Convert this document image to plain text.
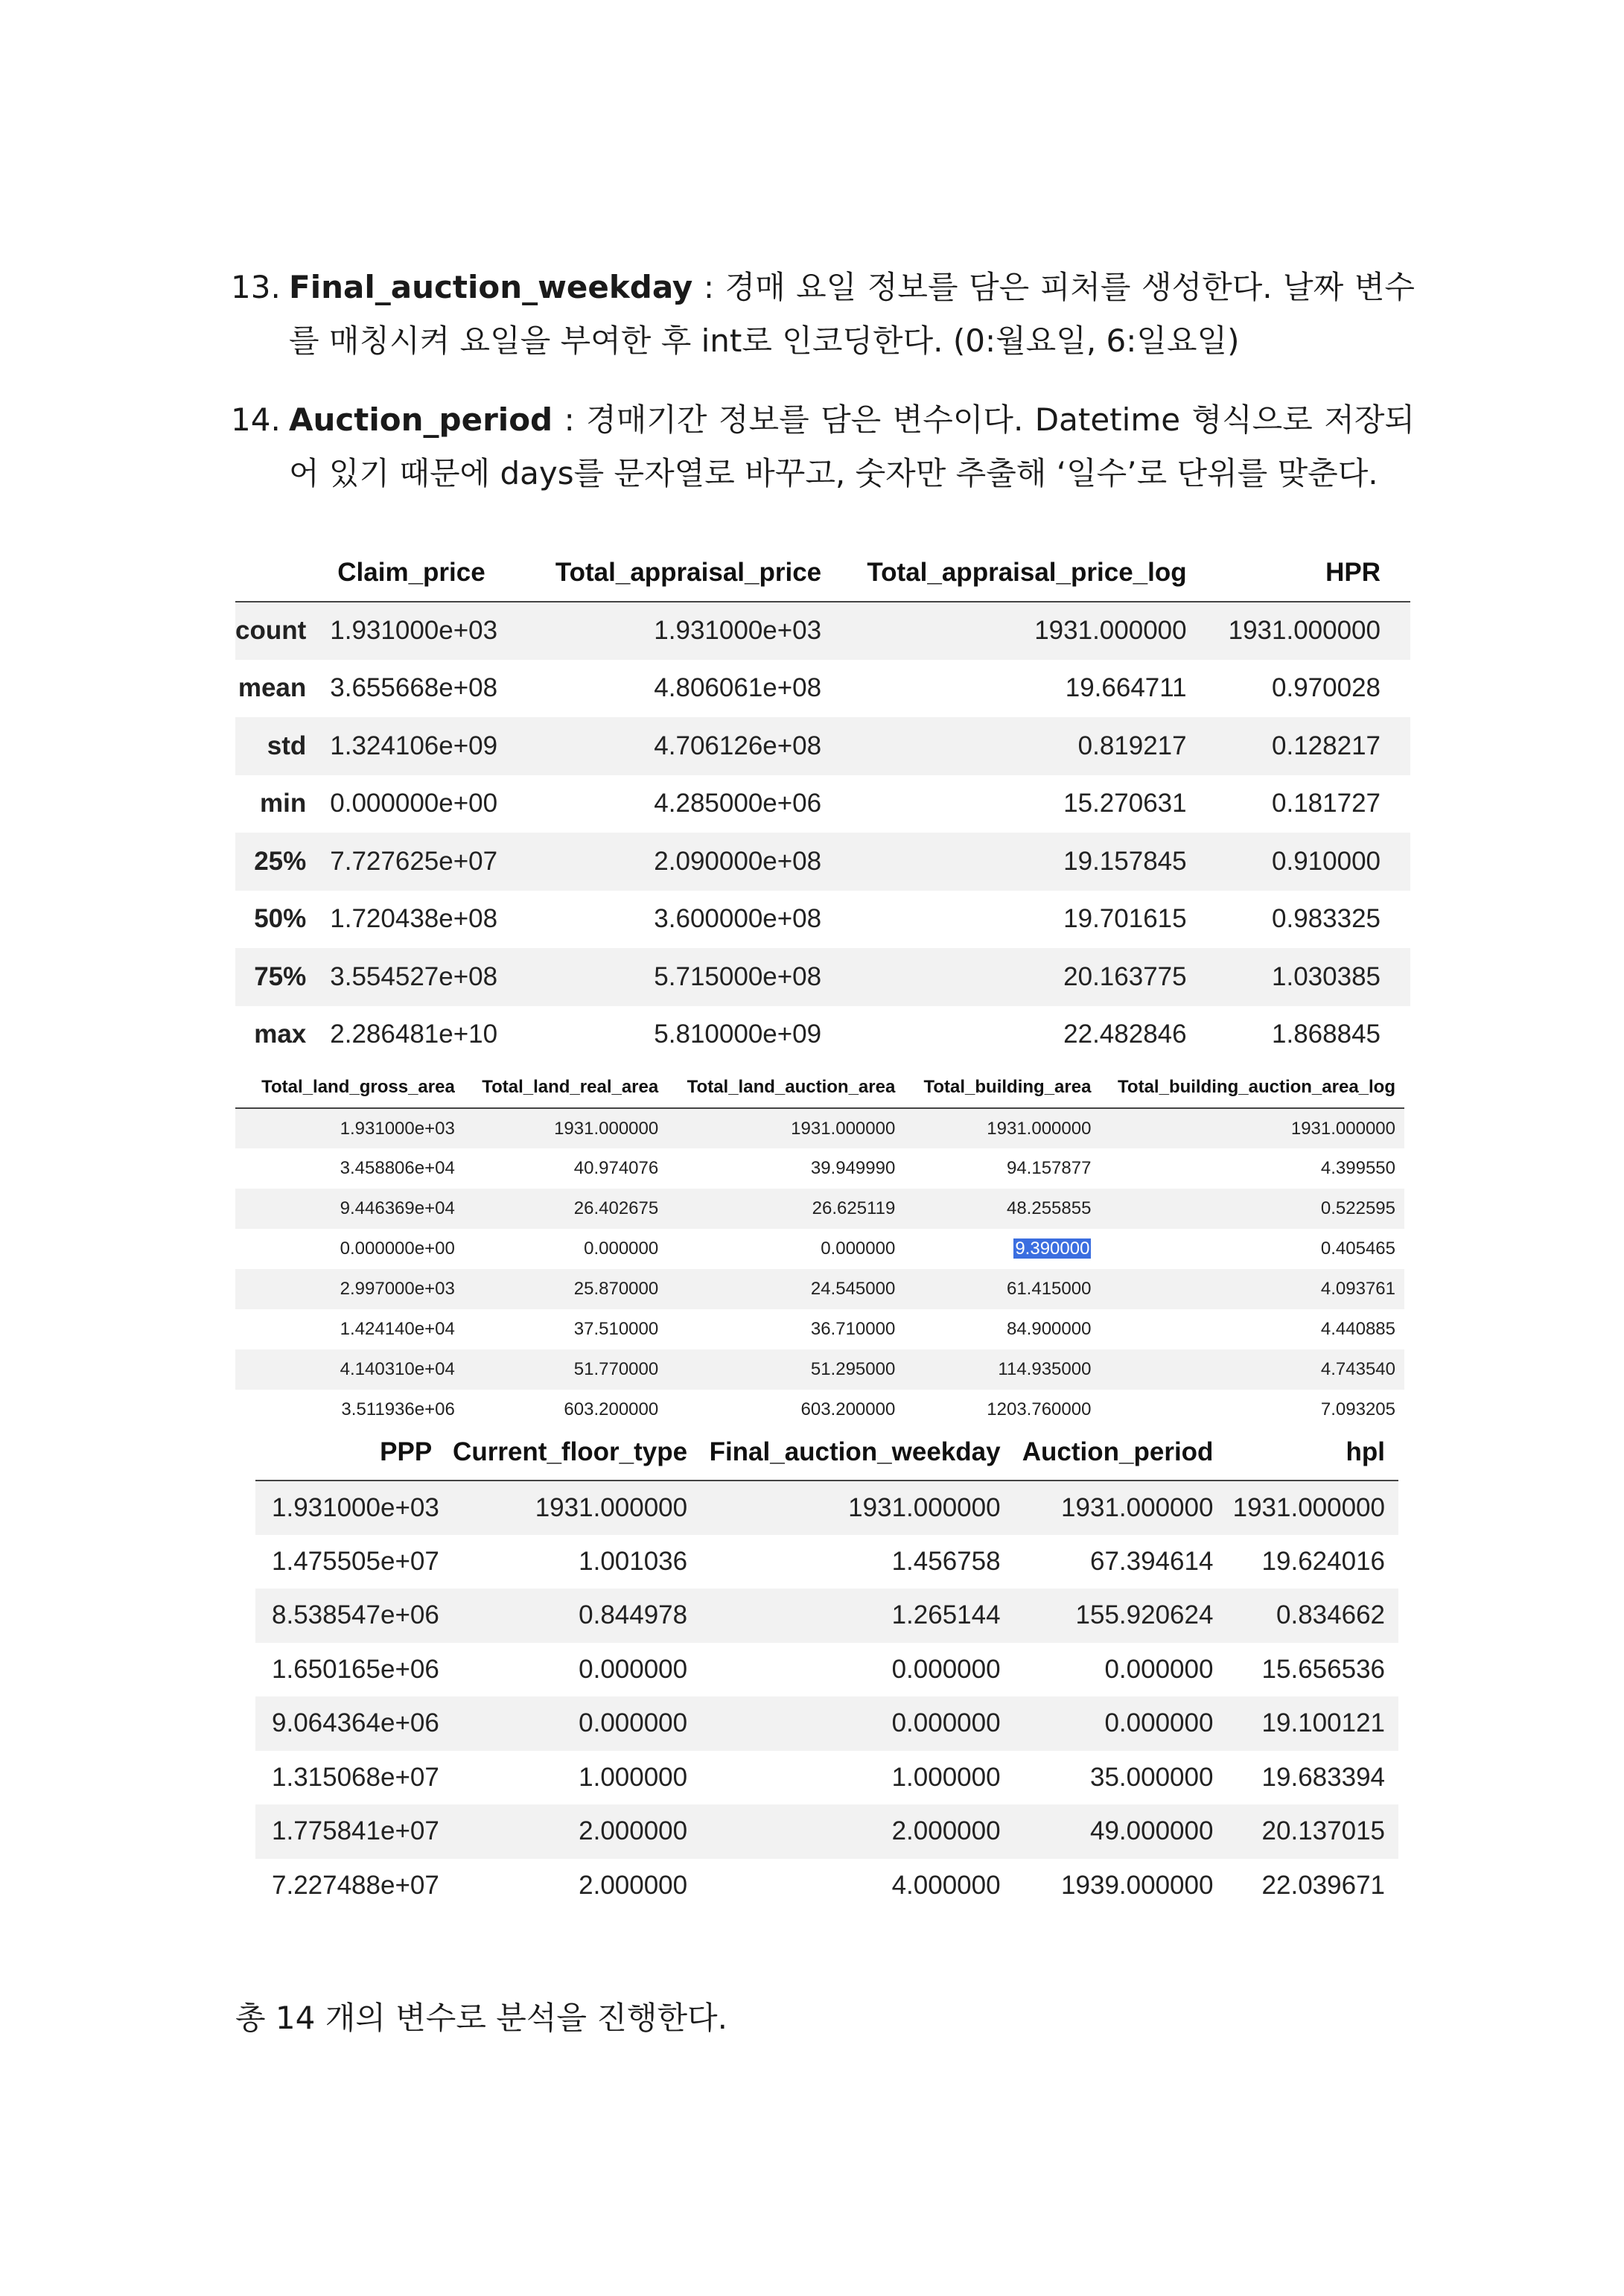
13. Final_auction_weekday : 경매 요일 정보를 담은 피처를 생성한다. 날짜 변수를 매칭시켜 요일을 부여한 후 int로 인코딩한다. (0:월요일, 6:일요일)
14. Auction_period : 경매기간 정보를 담은 변수이다. Datetime 형식으로 저장되어 있기 때문에 days를 문자열로 바꾸고, 숫자만 추출해 ‘일수’로 단위를 맞춘다.
	Claim_price	Total_appraisal_price	Total_appraisal_price_log	HPR
count	1.931000e+03	1.931000e+03	1931.000000	1931.000000
mean	3.655668e+08	4.806061e+08	19.664711	0.970028
std	1.324106e+09	4.706126e+08	0.819217	0.128217
min	0.000000e+00	4.285000e+06	15.270631	0.181727
25%	7.727625e+07	2.090000e+08	19.157845	0.910000
50%	1.720438e+08	3.600000e+08	19.701615	0.983325
75%	3.554527e+08	5.715000e+08	20.163775	1.030385
max	2.286481e+10	5.810000e+09	22.482846	1.868845
Total_land_gross_area	Total_land_real_area	Total_land_auction_area	Total_building_area	Total_building_auction_area_log
1.931000e+03	1931.000000	1931.000000	1931.000000	1931.000000
3.458806e+04	40.974076	39.949990	94.157877	4.399550
9.446369e+04	26.402675	26.625119	48.255855	0.522595
0.000000e+00	0.000000	0.000000	9.390000	0.405465
2.997000e+03	25.870000	24.545000	61.415000	4.093761
1.424140e+04	37.510000	36.710000	84.900000	4.440885
4.140310e+04	51.770000	51.295000	114.935000	4.743540
3.511936e+06	603.200000	603.200000	1203.760000	7.093205
PPP	Current_floor_type	Final_auction_weekday	Auction_period	hpl
1.931000e+03	1931.000000	1931.000000	1931.000000	1931.000000
1.475505e+07	1.001036	1.456758	67.394614	19.624016
8.538547e+06	0.844978	1.265144	155.920624	0.834662
1.650165e+06	0.000000	0.000000	0.000000	15.656536
9.064364e+06	0.000000	0.000000	0.000000	19.100121
1.315068e+07	1.000000	1.000000	35.000000	19.683394
1.775841e+07	2.000000	2.000000	49.000000	20.137015
7.227488e+07	2.000000	4.000000	1939.000000	22.039671
총 14 개의 변수로 분석을 진행한다.
